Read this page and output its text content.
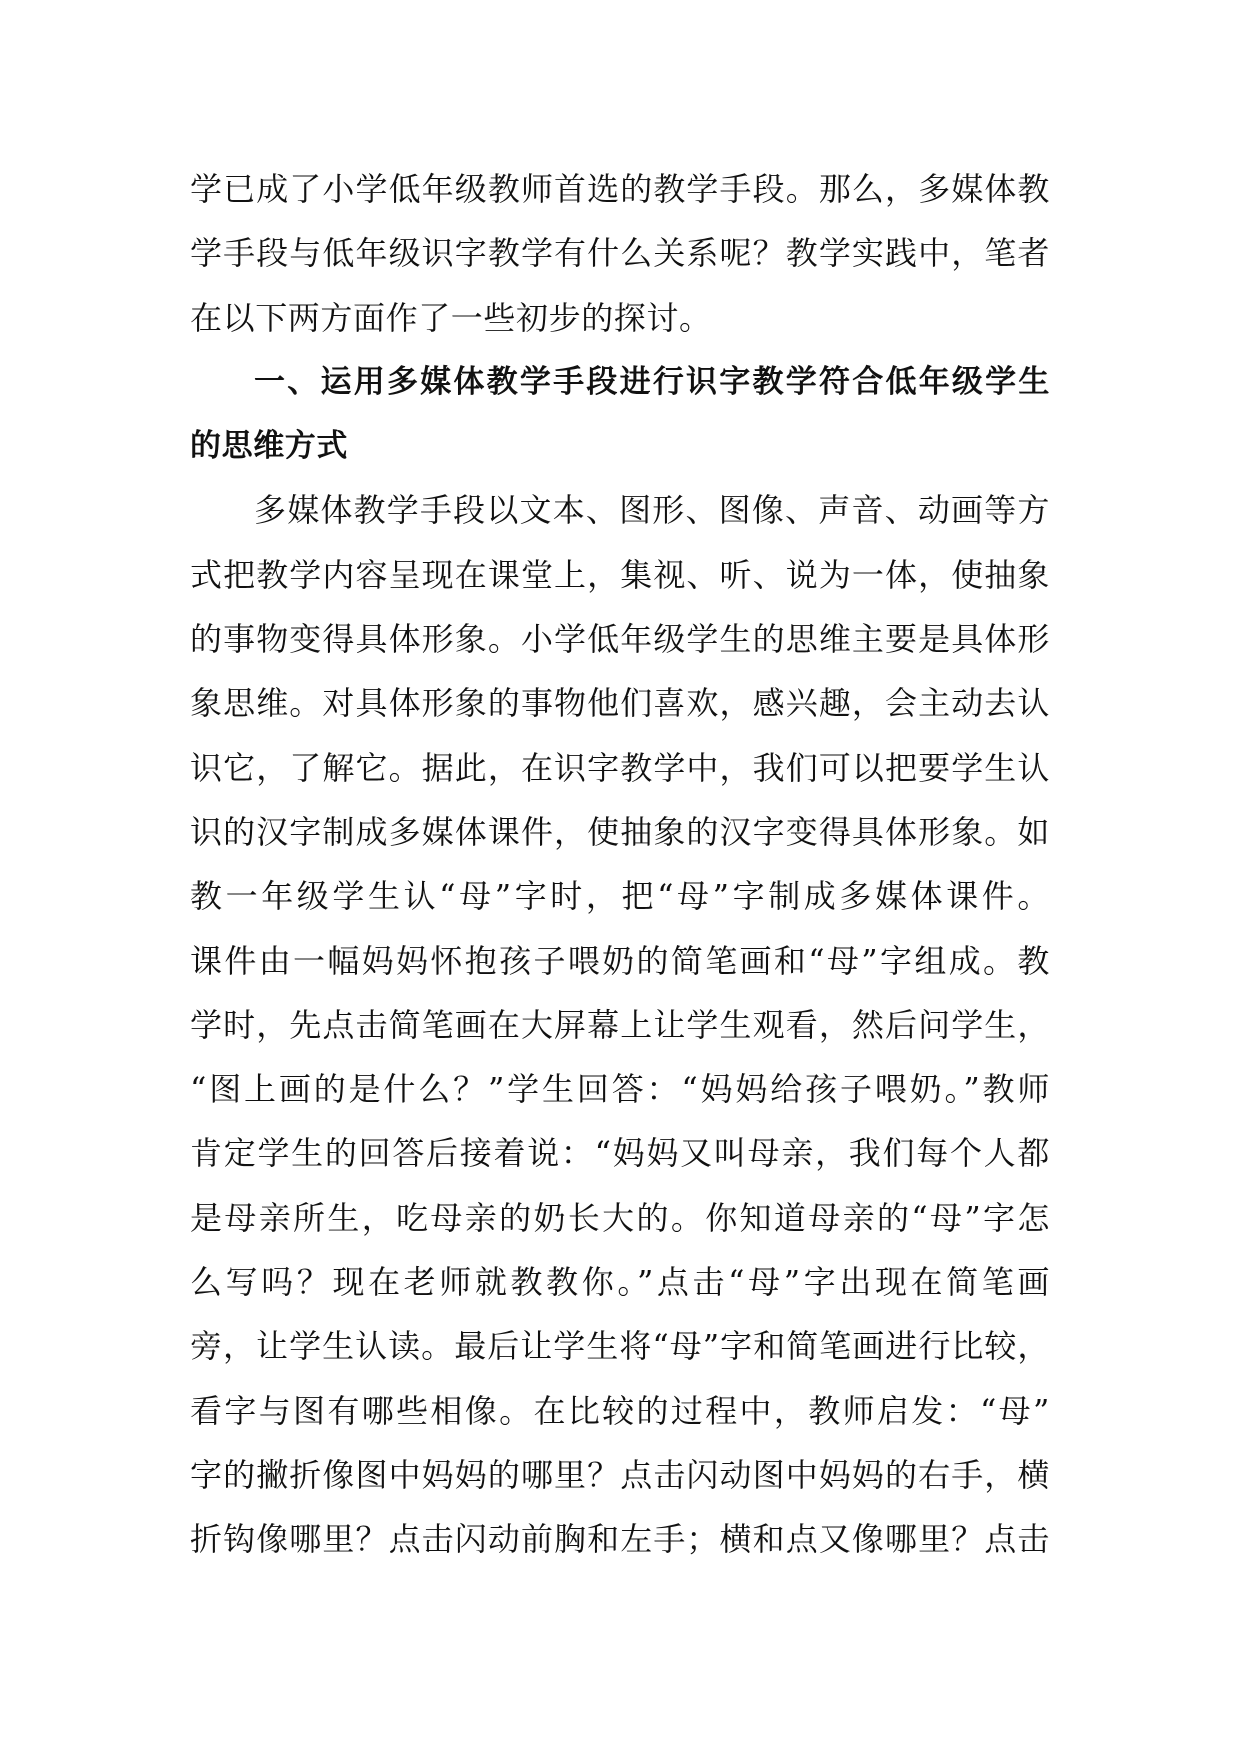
学已成了小学低年级教师首选的教学手段。那么，多媒体教
学手段与低年级识字教学有什么关系呢？教学实践中，笔者
在以下两方面作了一些初步的探讨。
一、运用多媒体教学手段进行识字教学符合低年级学生
的思维方式
多媒体教学手段以文本、图形、图像、声音、动画等方
式把教学内容呈现在课堂上，集视、听、说为一体，使抽象
的事物变得具体形象。小学低年级学生的思维主要是具体形
象思维。对具体形象的事物他们喜欢，感兴趣，会主动去认
识它，了解它。据此，在识字教学中，我们可以把要学生认
识的汉字制成多媒体课件，使抽象的汉字变得具体形象。如
教一年级学生认“母”字时，把“母”字制成多媒体课件。
课件由一幅妈妈怀抱孩子喂奶的简笔画和“母”字组成。教
学时，先点击简笔画在大屏幕上让学生观看，然后问学生，
“图上画的是什么？”学生回答：“妈妈给孩子喂奶。”教师
肯定学生的回答后接着说：“妈妈又叫母亲，我们每个人都
是母亲所生，吃母亲的奶长大的。你知道母亲的“母”字怎
么写吗？现在老师就教教你。”点击“母”字出现在简笔画
旁，让学生认读。最后让学生将“母”字和简笔画进行比较，
看字与图有哪些相像。在比较的过程中，教师启发：“母”
字的撇折像图中妈妈的哪里？点击闪动图中妈妈的右手，横
折钩像哪里？点击闪动前胸和左手；横和点又像哪里？点击
